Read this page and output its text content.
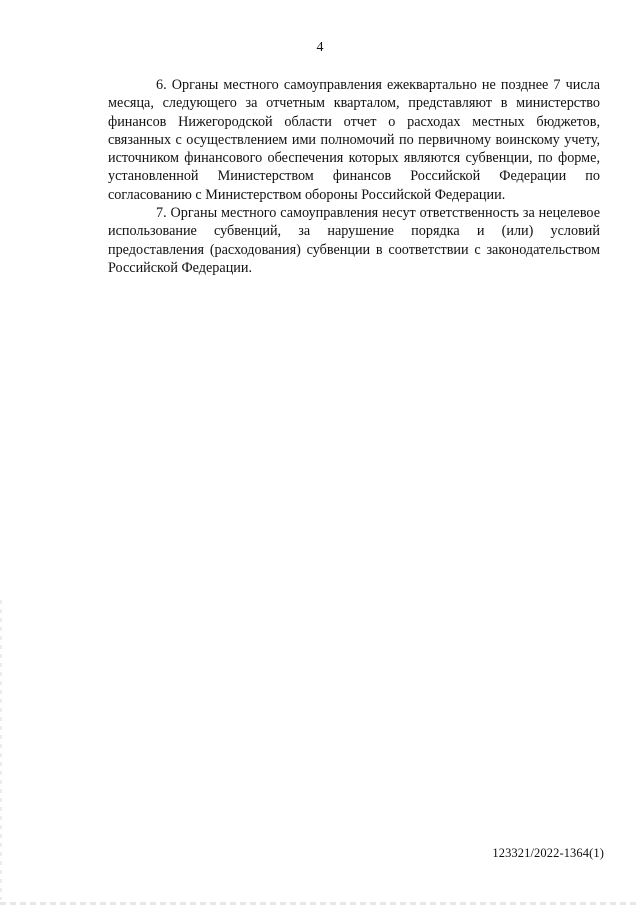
4

6. Органы местного самоуправления ежеквартально не позднее 7 числа месяца, следующего за отчетным кварталом, представляют в министерство финансов Нижегородской области отчет о расходах местных бюджетов, связанных с осуществлением ими полномочий по первичному воинскому учету, источником финансового обеспечения которых являются субвенции, по форме, установленной Министерством финансов Российской Федерации по согласованию с Министерством обороны Российской Федерации.

7. Органы местного самоуправления несут ответственность за нецелевое использование субвенций, за нарушение порядка и (или) условий предоставления (расходования) субвенции в соответствии с законодательством Российской Федерации.

123321/2022-1364(1)
